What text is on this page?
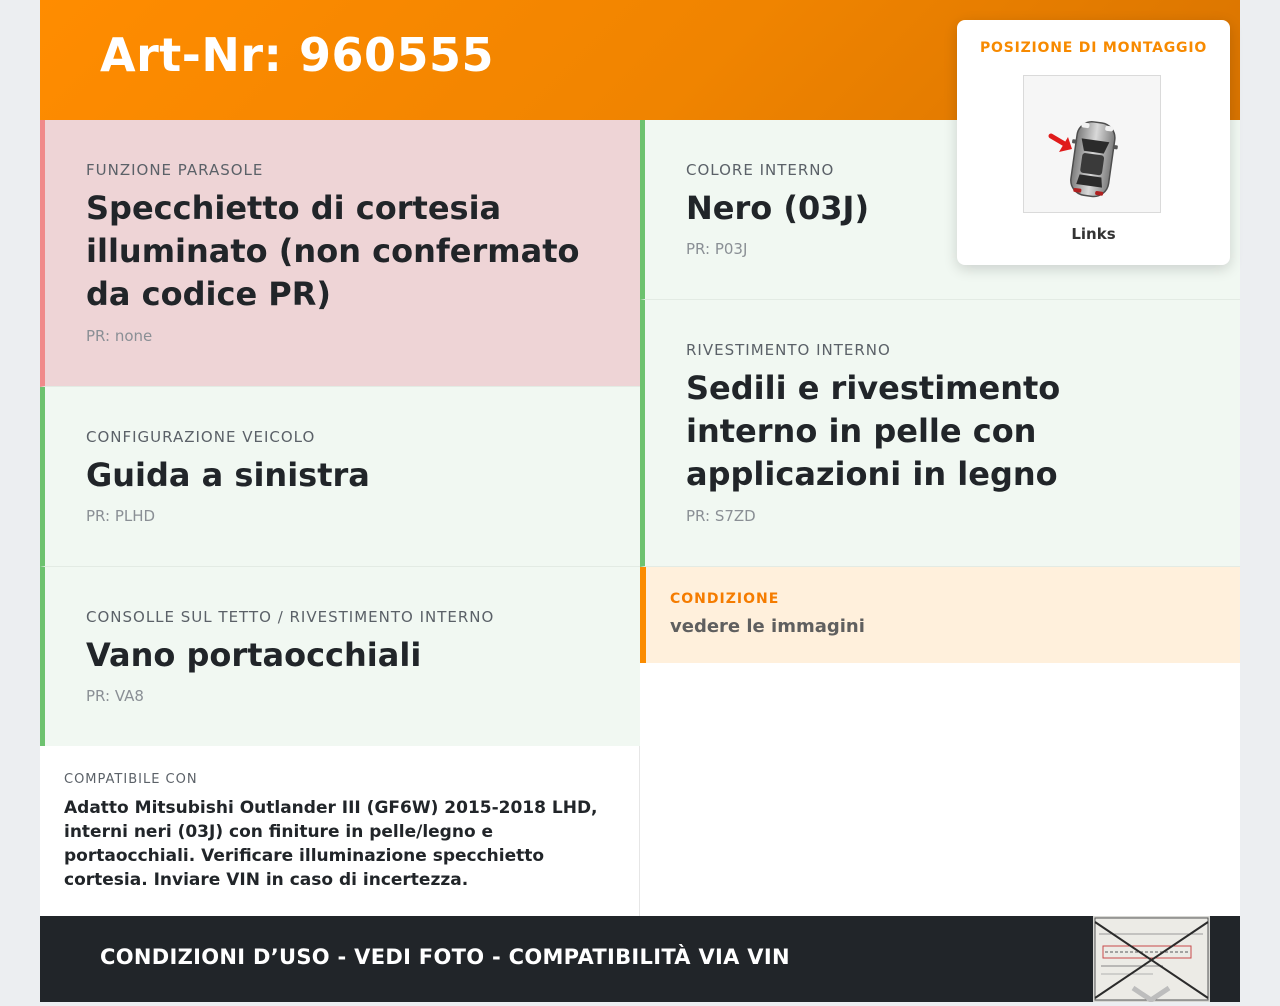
Art-Nr: 960555
FUNZIONE PARASOLE
Specchietto di cortesia illuminato (non confermato da codice PR)
PR: none
CONFIGURAZIONE VEICOLO
Guida a sinistra
PR: PLHD
CONSOLLE SUL TETTO / RIVESTIMENTO INTERNO
Vano portaocchiali
PR: VA8
COMPATIBILE CON

Adatto Mitsubishi Outlander III (GF6W) 2015-2018 LHD, interni neri (03J) con finiture in pelle/legno e portaocchiali. Verificare illuminazione specchietto cortesia. Inviare VIN in caso di incertezza.

COLORE INTERNO
Nero (03J)
PR: P03J
RIVESTIMENTO INTERNO
Sedili e rivestimento interno in pelle con applicazioni in legno
PR: S7ZD
CONDIZIONE
vedere le immagini
POSIZIONE DI MONTAGGIO
Links
CONDIZIONI D’USO - VEDI FOTO - COMPATIBILITÀ VIA VIN
